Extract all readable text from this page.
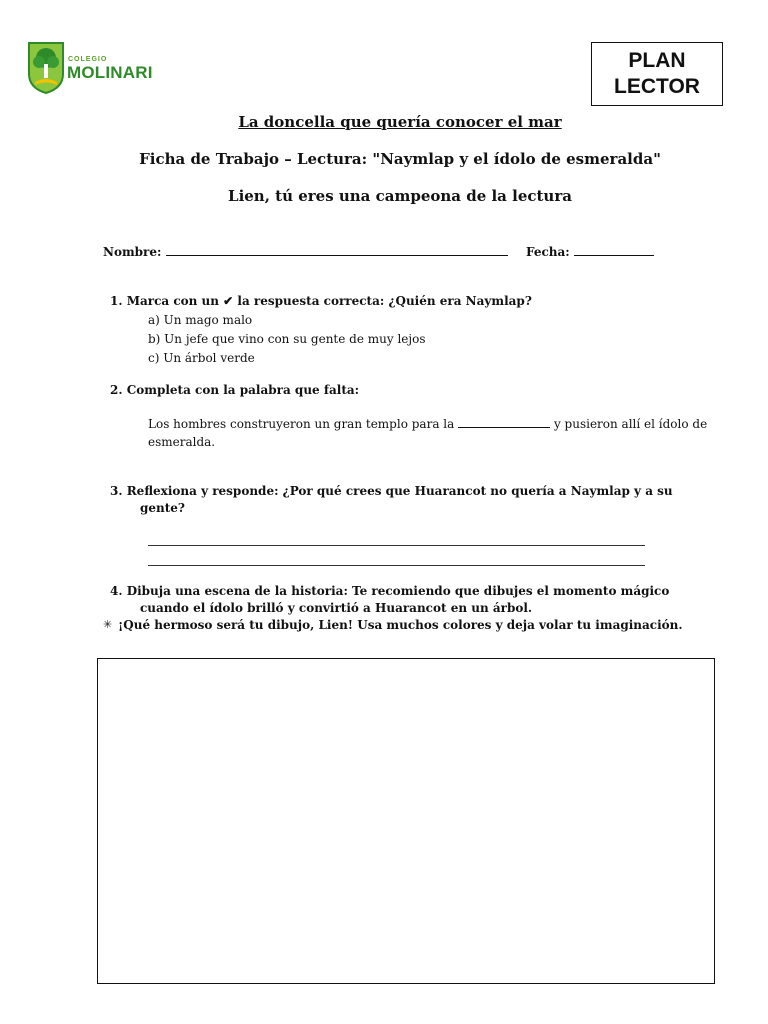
COLEGIO
MOLINARI
PLAN
LECTOR
La doncella que quería conocer el mar
Ficha de Trabajo – Lectura: "Naymlap y el ídolo de esmeralda"
Lien, tú eres una campeona de la lectura
Nombre:	Fecha:
1. Marca con un ✔ la respuesta correcta: ¿Quién era Naymlap?
a) Un mago malo
b) Un jefe que vino con su gente de muy lejos
c) Un árbol verde
2. Completa con la palabra que falta:
Los hombres construyeron un gran templo para la	y pusieron allí el ídolo de
esmeralda.
3. Reflexiona y responde: ¿Por qué crees que Huarancot no quería a Naymlap y a su
gente?
4. Dibuja una escena de la historia: Te recomiendo que dibujes el momento mágico
cuando el ídolo brilló y convirtió a Huarancot en un árbol.
✳ ¡Qué hermoso será tu dibujo, Lien! Usa muchos colores y deja volar tu imaginación.
